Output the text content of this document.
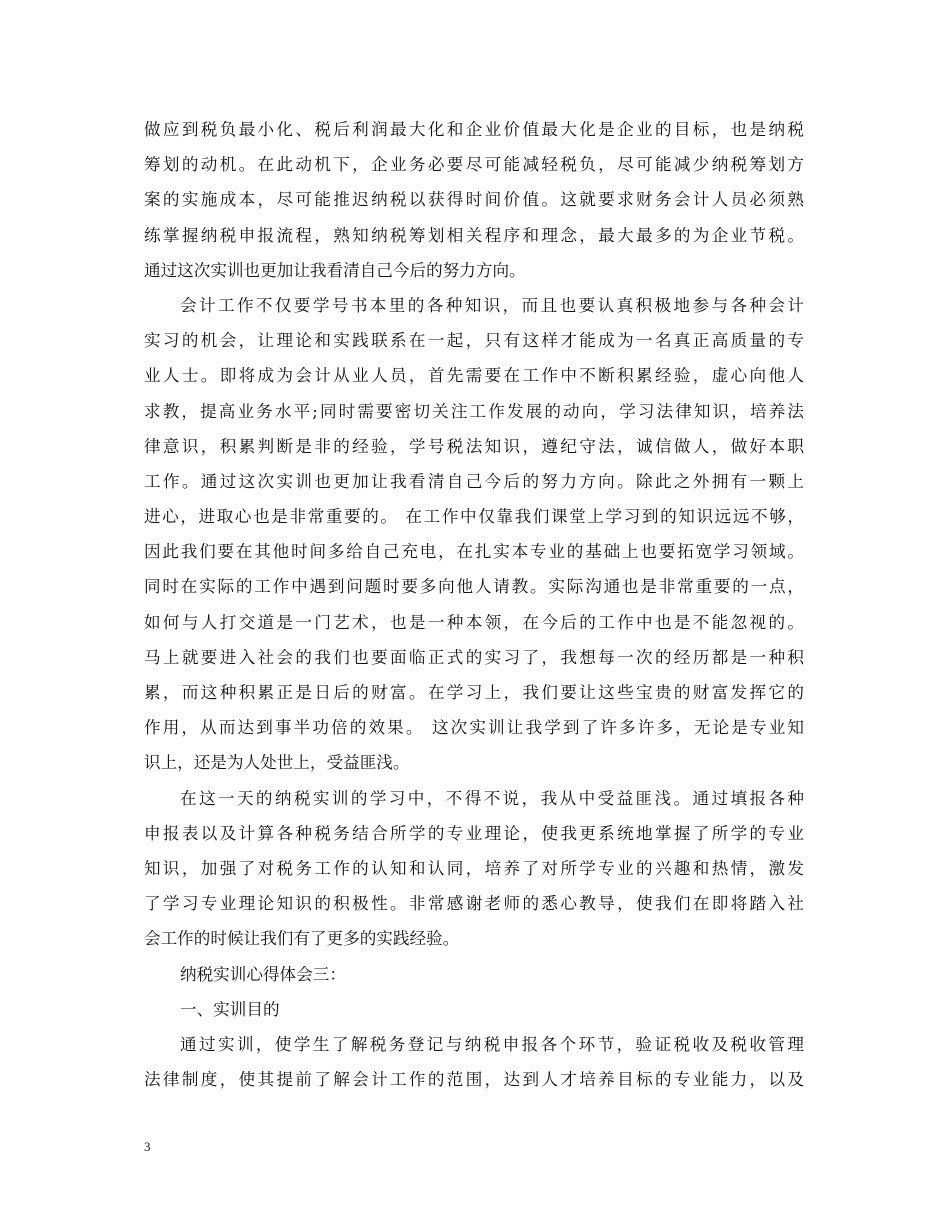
做应到税负最小化、税后利润最大化和企业价值最大化是企业的目标，也是纳税
筹划的动机。在此动机下，企业务必要尽可能减轻税负，尽可能减少纳税筹划方
案的实施成本，尽可能推迟纳税以获得时间价值。这就要求财务会计人员必须熟
练掌握纳税申报流程，熟知纳税筹划相关程序和理念，最大最多的为企业节税。
通过这次实训也更加让我看清自己今后的努力方向。
会计工作不仅要学号书本里的各种知识，而且也要认真积极地参与各种会计
实习的机会，让理论和实践联系在一起，只有这样才能成为一名真正高质量的专
业人士。即将成为会计从业人员，首先需要在工作中不断积累经验，虚心向他人
求教，提高业务水平;同时需要密切关注工作发展的动向，学习法律知识，培养法
律意识，积累判断是非的经验，学号税法知识，遵纪守法，诚信做人，做好本职
工作。通过这次实训也更加让我看清自己今后的努力方向。除此之外拥有一颗上
进心，进取心也是非常重要的。 在工作中仅靠我们课堂上学习到的知识远远不够，
因此我们要在其他时间多给自己充电，在扎实本专业的基础上也要拓宽学习领域。
同时在实际的工作中遇到问题时要多向他人请教。实际沟通也是非常重要的一点，
如何与人打交道是一门艺术，也是一种本领，在今后的工作中也是不能忽视的。
马上就要进入社会的我们也要面临正式的实习了，我想每一次的经历都是一种积
累，而这种积累正是日后的财富。在学习上，我们要让这些宝贵的财富发挥它的
作用，从而达到事半功倍的效果。 这次实训让我学到了许多许多，无论是专业知
识上，还是为人处世上，受益匪浅。
在这一天的纳税实训的学习中，不得不说，我从中受益匪浅。通过填报各种
申报表以及计算各种税务结合所学的专业理论，使我更系统地掌握了所学的专业
知识，加强了对税务工作的认知和认同，培养了对所学专业的兴趣和热情，激发
了学习专业理论知识的积极性。非常感谢老师的悉心教导，使我们在即将踏入社
会工作的时候让我们有了更多的实践经验。
纳税实训心得体会三：
一、实训目的
通过实训，使学生了解税务登记与纳税申报各个环节，验证税收及税收管理
法律制度，使其提前了解会计工作的范围，达到人才培养目标的专业能力，以及
3
